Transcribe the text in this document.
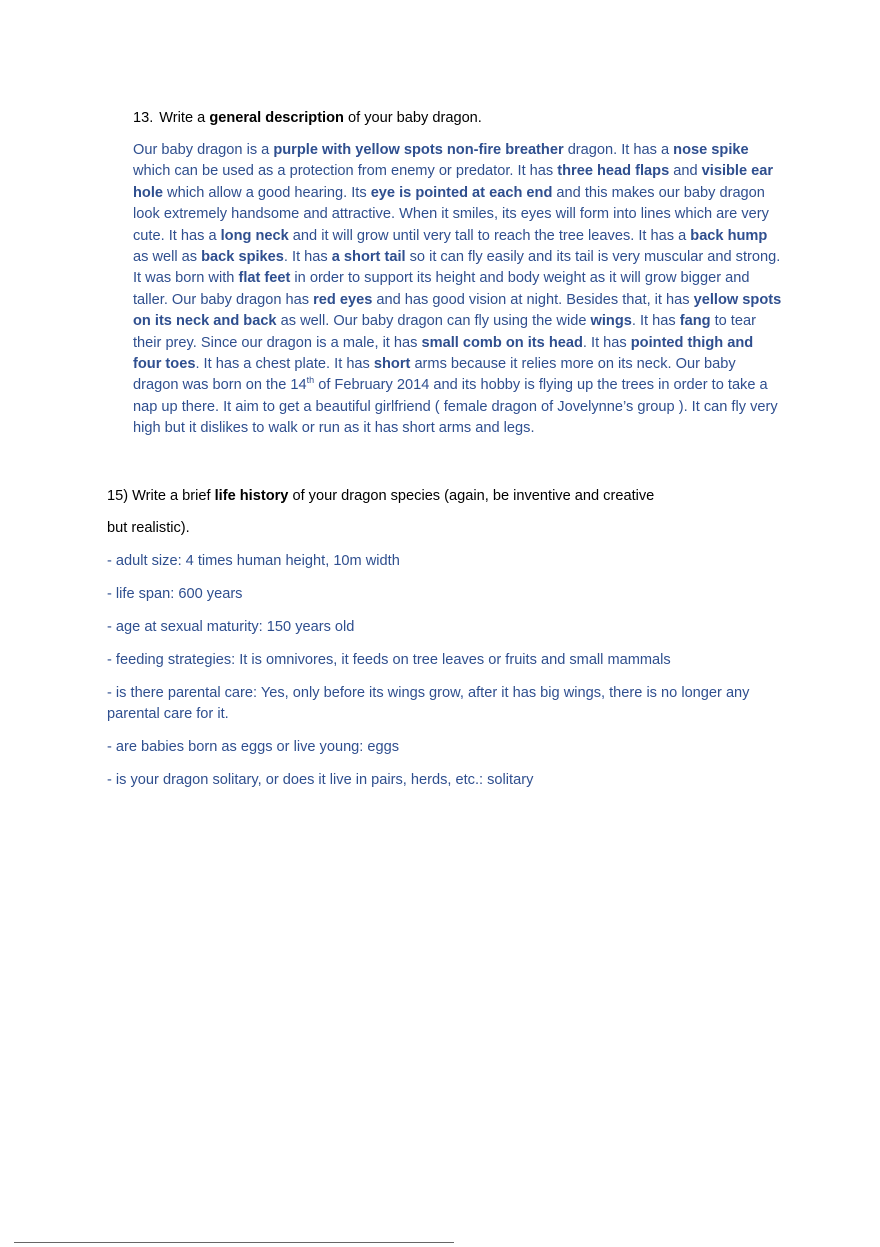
13. Write a general description of your baby dragon.
Our baby dragon is a purple with yellow spots non-fire breather dragon. It has a nose spike which can be used as a protection from enemy or predator. It has three head flaps and visible ear hole which allow a good hearing. Its eye is pointed at each end and this makes our baby dragon look extremely handsome and attractive. When it smiles, its eyes will form into lines which are very cute. It has a long neck and it will grow until very tall to reach the tree leaves. It has a back hump as well as back spikes. It has a short tail so it can fly easily and its tail is very muscular and strong. It was born with flat feet in order to support its height and body weight as it will grow bigger and taller. Our baby dragon has red eyes and has good vision at night. Besides that, it has yellow spots on its neck and back as well. Our baby dragon can fly using the wide wings. It has fang to tear their prey. Since our dragon is a male, it has small comb on its head. It has pointed thigh and four toes. It has a chest plate. It has short arms because it relies more on its neck. Our baby dragon was born on the 14th of February 2014 and its hobby is flying up the trees in order to take a nap up there. It aim to get a beautiful girlfriend ( female dragon of Jovelynne’s group ). It can fly very high but it dislikes to walk or run as it has short arms and legs.
15) Write a brief life history of your dragon species (again, be inventive and creative
but realistic).
- adult size: 4 times human height, 10m width
- life span: 600 years
- age at sexual maturity: 150 years old
- feeding strategies: It is omnivores, it feeds on tree leaves or fruits and small mammals
- is there parental care: Yes, only before its wings grow, after it has big wings, there is no longer any parental care for it.
- are babies born as eggs or live young: eggs
- is your dragon solitary, or does it live in pairs, herds, etc.: solitary
